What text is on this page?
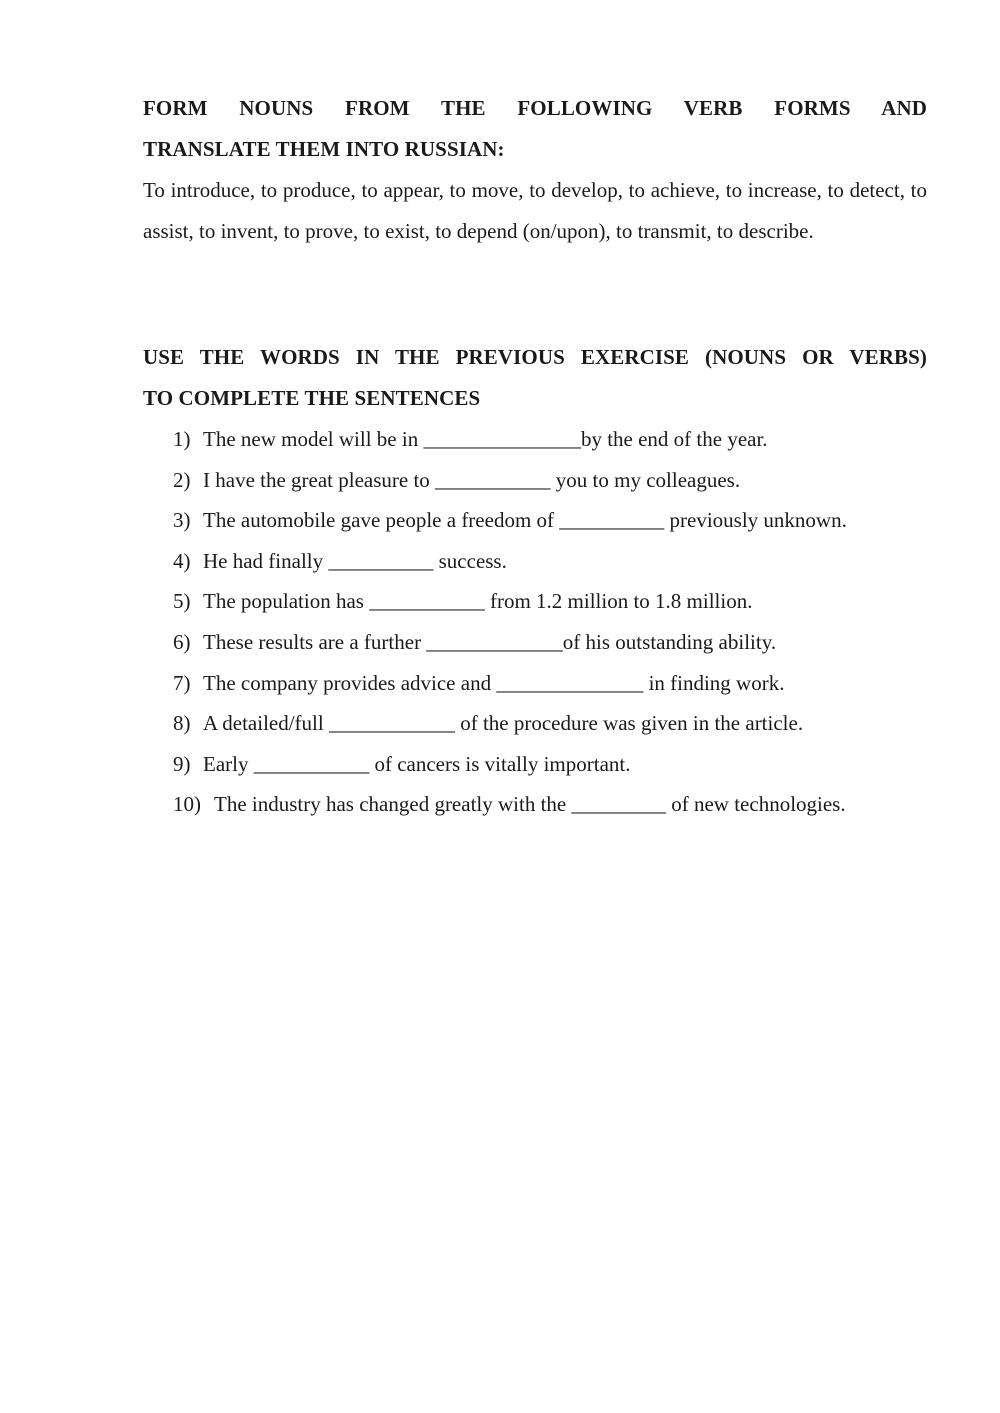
FORM NOUNS FROM THE FOLLOWING VERB FORMS AND
TRANSLATE THEM INTO RUSSIAN:

To introduce, to produce, to appear, to move, to develop, to achieve, to increase, to detect, to assist, to invent, to prove, to exist, to depend (on/upon), to transmit, to describe.

USE THE WORDS IN THE PREVIOUS EXERCISE (NOUNS OR VERBS)
TO COMPLETE THE SENTENCES
1) The new model will be in _______________by the end of the year.
2) I have the great pleasure to ___________ you to my colleagues.
3) The automobile gave people a freedom of __________ previously unknown.
4) He had finally __________ success.
5) The population has ___________ from 1.2 million to 1.8 million.
6) These results are a further _____________of his outstanding ability.
7) The company provides advice and ______________ in finding work.
8) A detailed/full ____________ of the procedure was given in the article.
9) Early ___________ of cancers is vitally important.
10) The industry has changed greatly with the _________ of new technologies.
